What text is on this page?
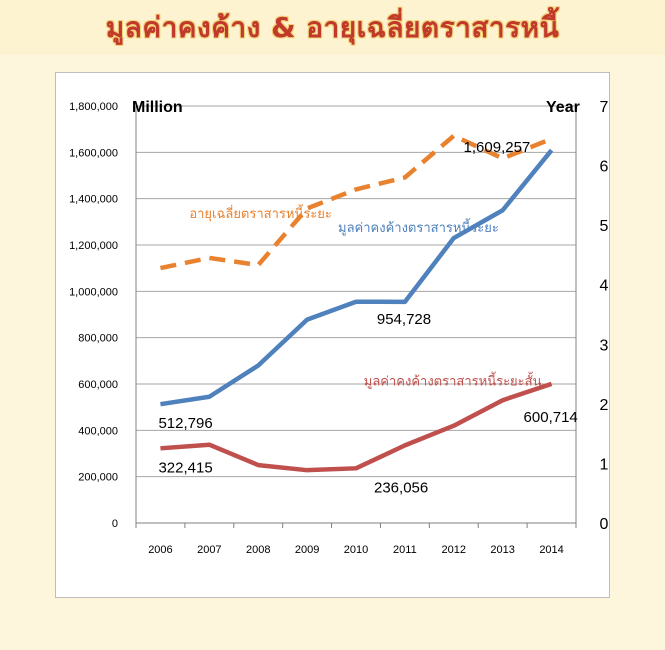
มูลค่าคงค้าง & อายุเฉลี่ยตราสารหนี้
0
200,000
400,000
600,000
800,000
1,000,000
1,200,000
1,400,000
1,600,000
1,800,000
0
1
2
3
4
5
6
7
2006 2007 2008 2009 2010 2011 2012 2013 2014
Million	Year
อายุเฉลี่ยตราสารหนี้ระยะ
มูลค่าคงค้างตราสารหนี้ระยะ
มูลค่าคงค้างตราสารหนี้ระยะสั้น
512,796
954,728
1,609,257
322,415
236,056
600,714
